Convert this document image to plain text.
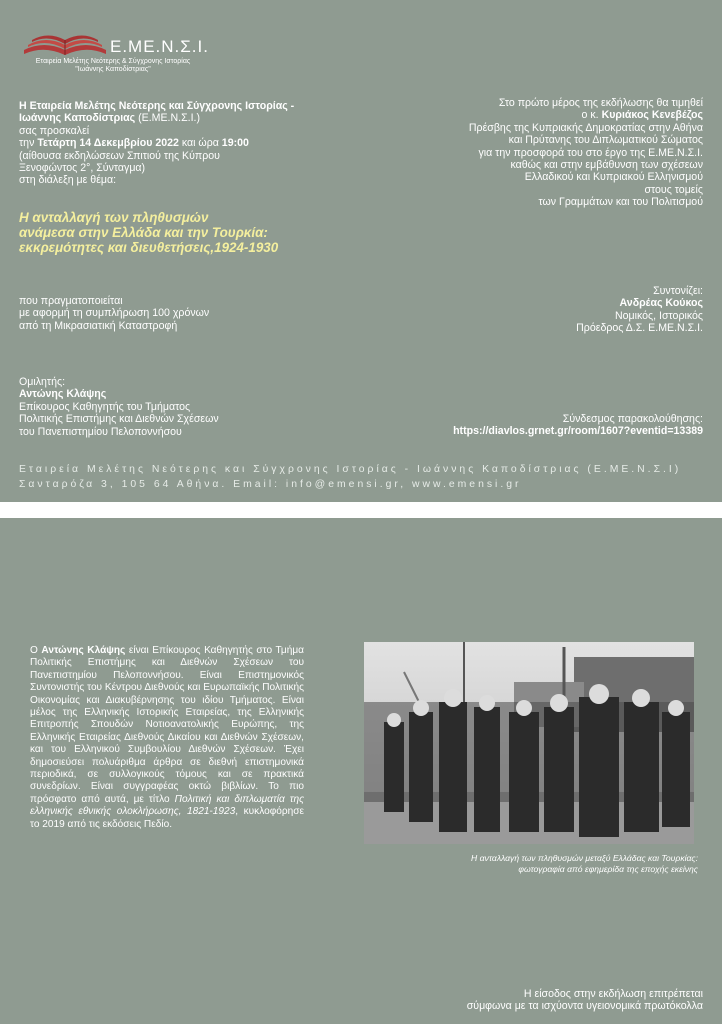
Ε.ΜΕ.Ν.Σ.Ι.
Εταιρεία Μελέτης Νεότερης & Σύγχρονης Ιστορίας
"Ιωάννης Καποδίστριας"
Η Εταιρεία Μελέτης Νεότερης και Σύγχρονης Ιστορίας -
Ιωάννης Καποδίστριας (Ε.ΜΕ.Ν.Σ.Ι.)
σας προσκαλεί
την Τετάρτη 14 Δεκεμβρίου 2022 και ώρα 19:00
(αίθουσα εκδηλώσεων Σπιτιού της Κύπρου
Ξενοφώντος 2°, Σύνταγμα)
στη διάλεξη με θέμα:
Η ανταλλαγή των πληθυσμών
ανάμεσα στην Ελλάδα και την Τουρκία:
εκκρεμότητες και διευθετήσεις,1924-1930
που πραγματοποιείται
με αφορμή τη συμπλήρωση 100 χρόνων
από τη Μικρασιατική Καταστροφή
Ομιλητής:
Αντώνης Κλάψης
Επίκουρος Καθηγητής του Τμήματος
Πολιτικής Επιστήμης και Διεθνών Σχέσεων
του Πανεπιστημίου Πελοποννήσου
Στο πρώτο μέρος της εκδήλωσης θα τιμηθεί
ο κ. Κυριάκος Κενεβέζος
Πρέσβης της Κυπριακής Δημοκρατίας στην Αθήνα
και Πρύτανης του Διπλωματικού Σώματος
για την προσφορά του στο έργο της Ε.ΜΕ.Ν.Σ.Ι.
καθώς και στην εμβάθυνση των σχέσεων
Ελλαδικού και Κυπριακού Ελληνισμού
στους τομείς
των Γραμμάτων και του Πολιτισμού
Συντονίζει:
Ανδρέας Κούκος
Νομικός, Ιστορικός
Πρόεδρος Δ.Σ. Ε.ΜΕ.Ν.Σ.Ι.
Σύνδεσμος παρακολούθησης:
https://diavlos.grnet.gr/room/1607?eventid=13389
Εταιρεία Μελέτης Νεότερης και Σύγχρονης Ιστορίας - Ιωάννης Καποδίστριας (Ε.ΜΕ.Ν.Σ.Ι)
Σανταρόζα 3, 105 64 Αθήνα. Email: info@emensi.gr, www.emensi.gr
Ο Αντώνης Κλάψης είναι Επίκουρος Καθηγητής στο Τμήμα Πολιτικής Επιστήμης και Διεθνών Σχέσεων του Πανεπιστημίου Πελοποννήσου. Είναι Επιστημονικός Συντονιστής του Κέντρου Διεθνούς και Ευρωπαϊκής Πολιτικής Οικονομίας και Διακυβέρνησης του ιδίου Τμήματος. Είναι μέλος της Ελληνικής Ιστορικής Εταιρείας, της Ελληνικής Επιτροπής Σπουδών Νοτιοανατολικής Ευρώπης, της Ελληνικής Εταιρείας Διεθνούς Δικαίου και Διεθνών Σχέσεων, και του Ελληνικού Συμβουλίου Διεθνών Σχέσεων. Έχει δημοσιεύσει πολυάριθμα άρθρα σε διεθνή επιστημονικά περιοδικά, σε συλλογικούς τόμους και σε πρακτικά συνεδρίων. Είναι συγγραφέας οκτώ βιβλίων. Το πιο πρόσφατο από αυτά, με τίτλο Πολιτική και διπλωματία της ελληνικής εθνικής ολοκλήρωσης, 1821-1923, κυκλοφόρησε το 2019 από τις εκδόσεις Πεδίο.
Η ανταλλαγή των πληθυσμών μεταξύ Ελλάδας και Τουρκίας:
φωτογραφία από εφημερίδα της εποχής εκείνης
Η είσοδος στην εκδήλωση επιτρέπεται
σύμφωνα με τα ισχύοντα υγειονομικά πρωτόκολλα
